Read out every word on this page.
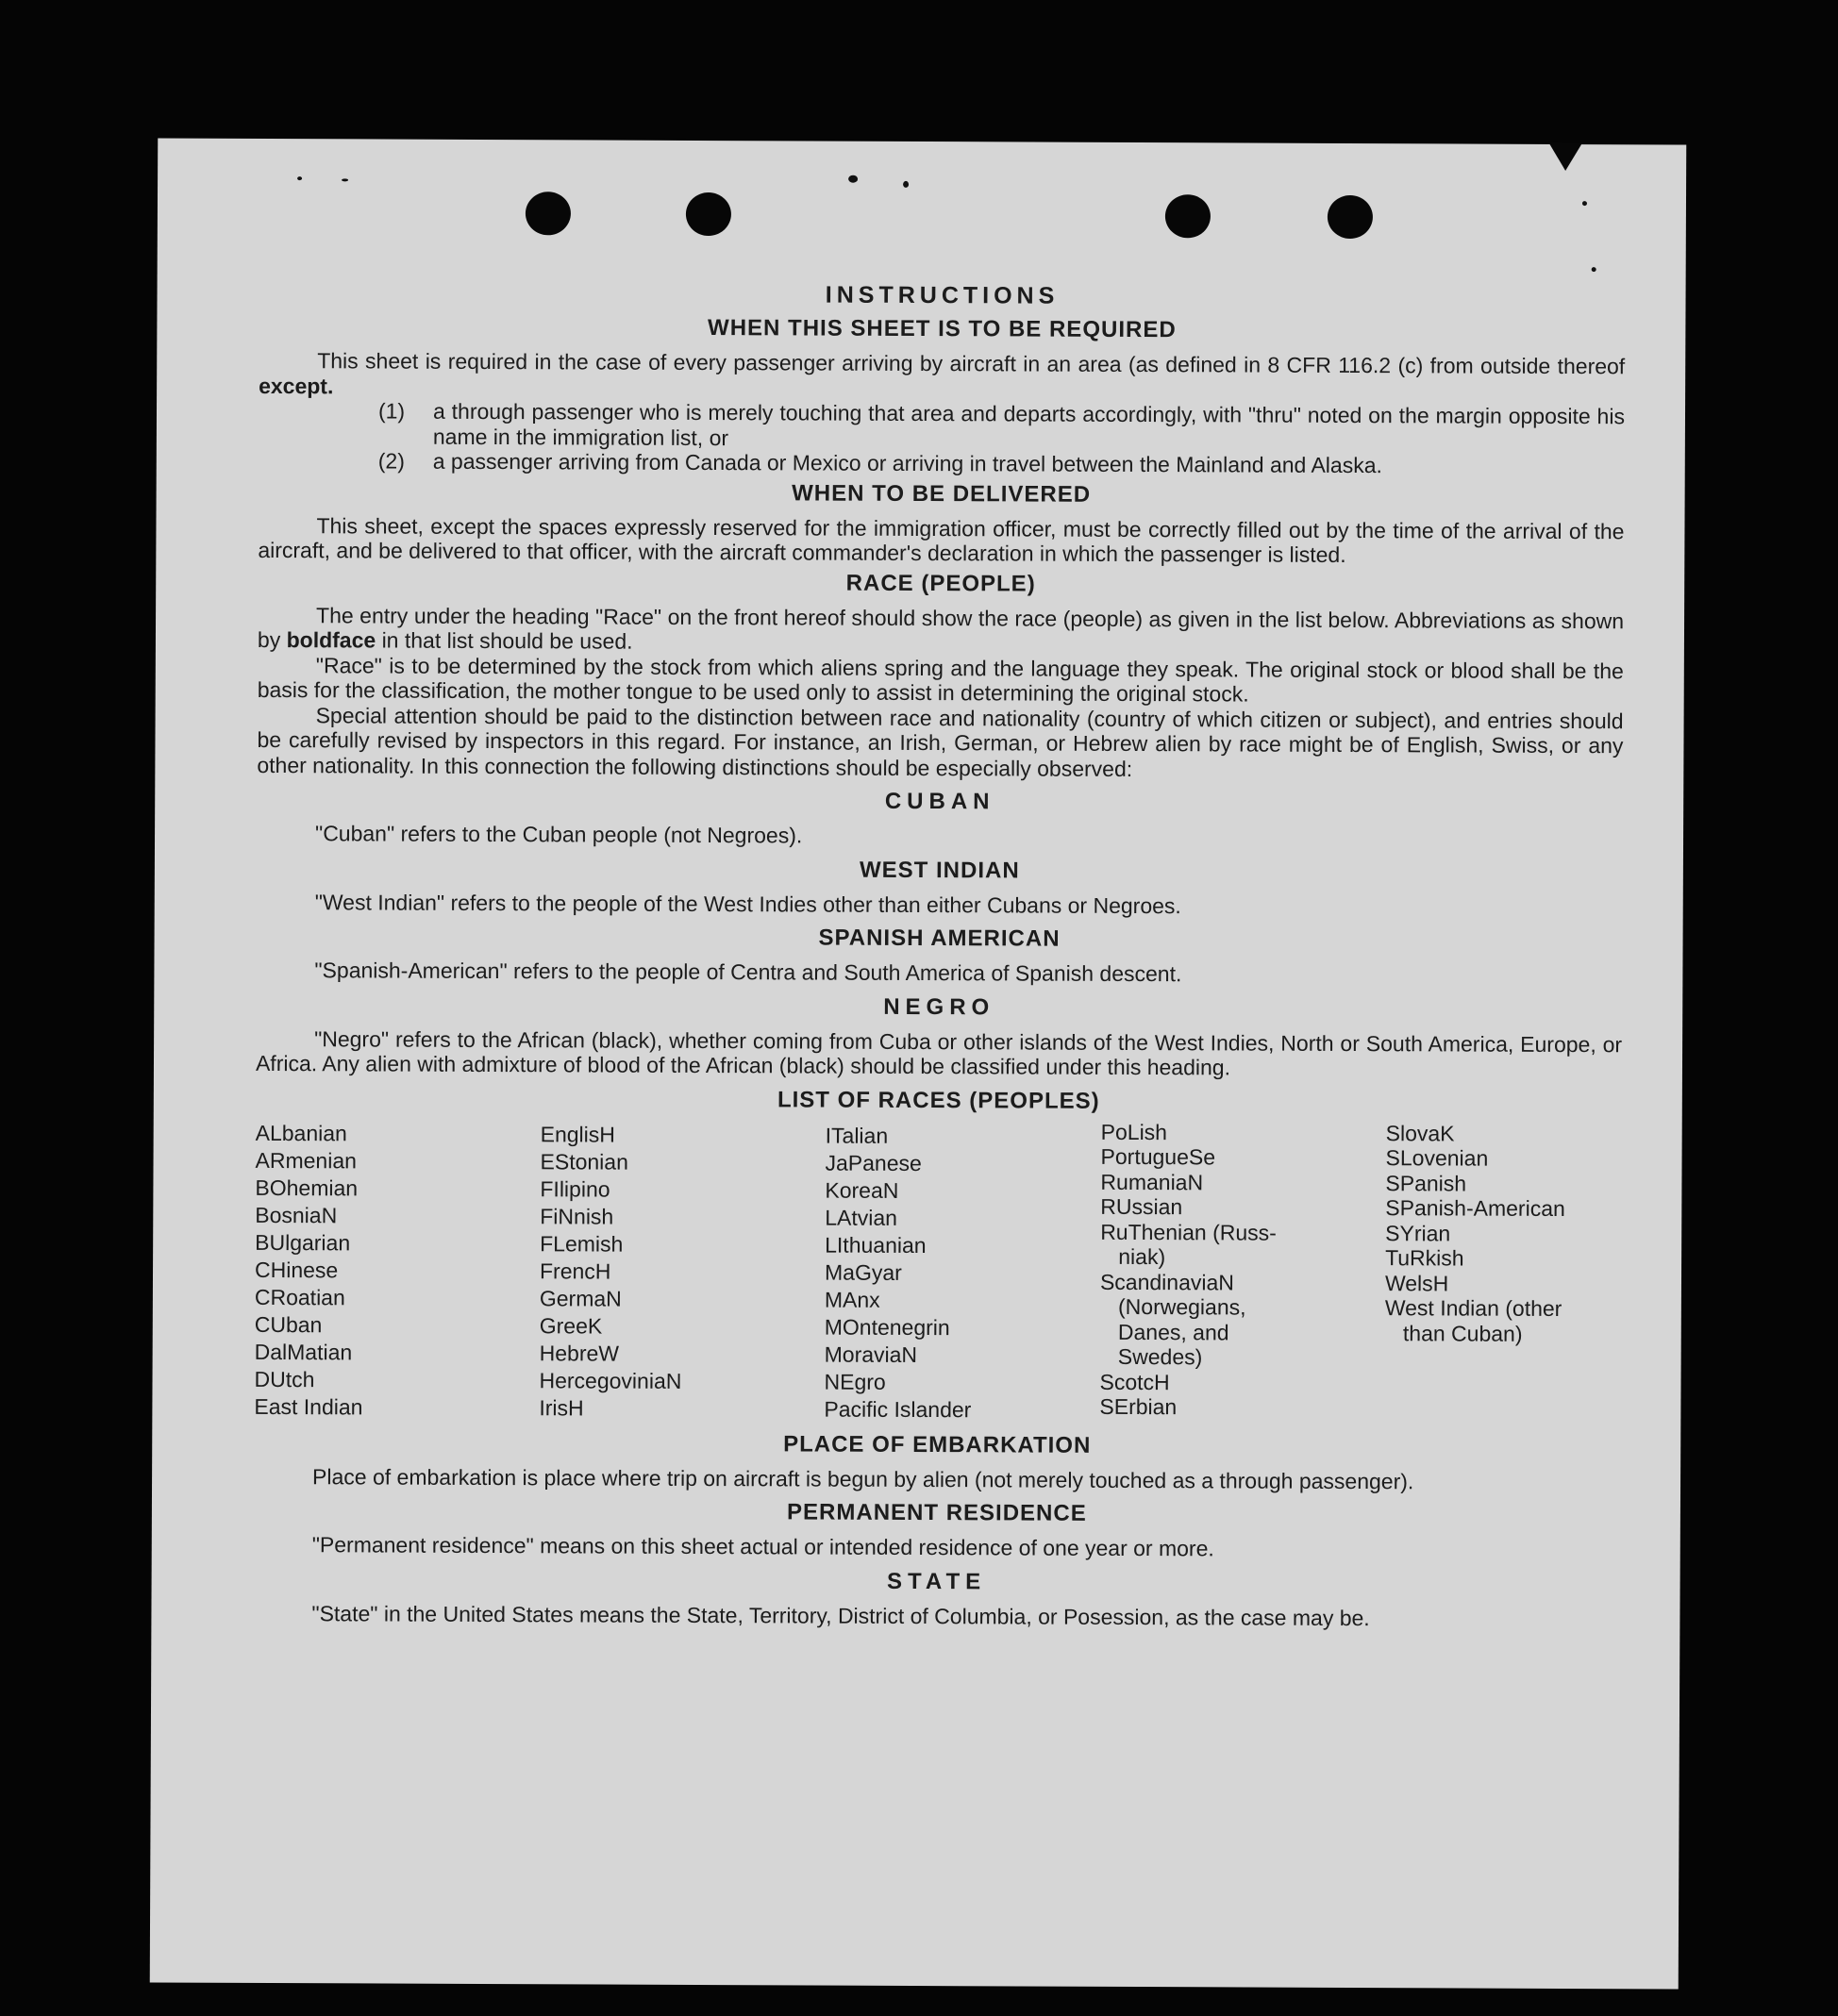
INSTRUCTIONS
WHEN THIS SHEET IS TO BE REQUIRED

This sheet is required in the case of every passenger arriving by aircraft in an area (as defined in 8 CFR 116.2 (c) from outside thereof except.

(1)	a through passenger who is merely touching that area and departs accordingly, with "thru" noted on the margin opposite his name in the immigration list, or
(2)	a passenger arriving from Canada or Mexico or arriving in travel between the Mainland and Alaska.
WHEN TO BE DELIVERED

This sheet, except the spaces expressly reserved for the immigration officer, must be correctly filled out by the time of the arrival of the aircraft, and be delivered to that officer, with the aircraft commander's declaration in which the passenger is listed.

RACE (PEOPLE)

The entry under the heading "Race" on the front hereof should show the race (people) as given in the list below. Abbreviations as shown by boldface in that list should be used.

"Race" is to be determined by the stock from which aliens spring and the language they speak. The original stock or blood shall be the basis for the classification, the mother tongue to be used only to assist in determining the original stock.

Special attention should be paid to the distinction between race and nationality (country of which citizen or subject), and entries should be carefully revised by inspectors in this regard. For instance, an Irish, German, or Hebrew alien by race might be of English, Swiss, or any other nationality. In this connection the following distinctions should be especially observed:

CUBAN

"Cuban" refers to the Cuban people (not Negroes).

WEST INDIAN

"West Indian" refers to the people of the West Indies other than either Cubans or Negroes.

SPANISH AMERICAN

"Spanish-American" refers to the people of Centra and South America of Spanish descent.

NEGRO

"Negro" refers to the African (black), whether coming from Cuba or other islands of the West Indies, North or South America, Europe, or Africa. Any alien with admixture of blood of the African (black) should be classified under this heading.

LIST OF RACES (PEOPLES)
ALbanian
ARmenian
BOhemian
BosniaN
BUlgarian
CHinese
CRoatian
CUban
DalMatian
DUtch
East Indian
EnglisH
EStonian
FIlipino
FiNnish
FLemish
FrencH
GermaN
GreeK
HebreW
HercegoviniaN
IrisH
ITalian
JaPanese
KoreaN
LAtvian
LIthuanian
MaGyar
MAnx
MOntenegrin
MoraviaN
NEgro
Pacific Islander
PoLish
PortugueSe
RumaniaN
RUssian
RuThenian (Russ-
niak)
ScandinaviaN
(Norwegians,
Danes, and
Swedes)
ScotcH
SErbian
SlovaK
SLovenian
SPanish
SPanish-American
SYrian
TuRkish
WelsH
West Indian (other
than Cuban)
PLACE OF EMBARKATION

Place of embarkation is place where trip on aircraft is begun by alien (not merely touched as a through passenger).

PERMANENT RESIDENCE

"Permanent residence" means on this sheet actual or intended residence of one year or more.

STATE

"State" in the United States means the State, Territory, District of Columbia, or Posession, as the case may be.
